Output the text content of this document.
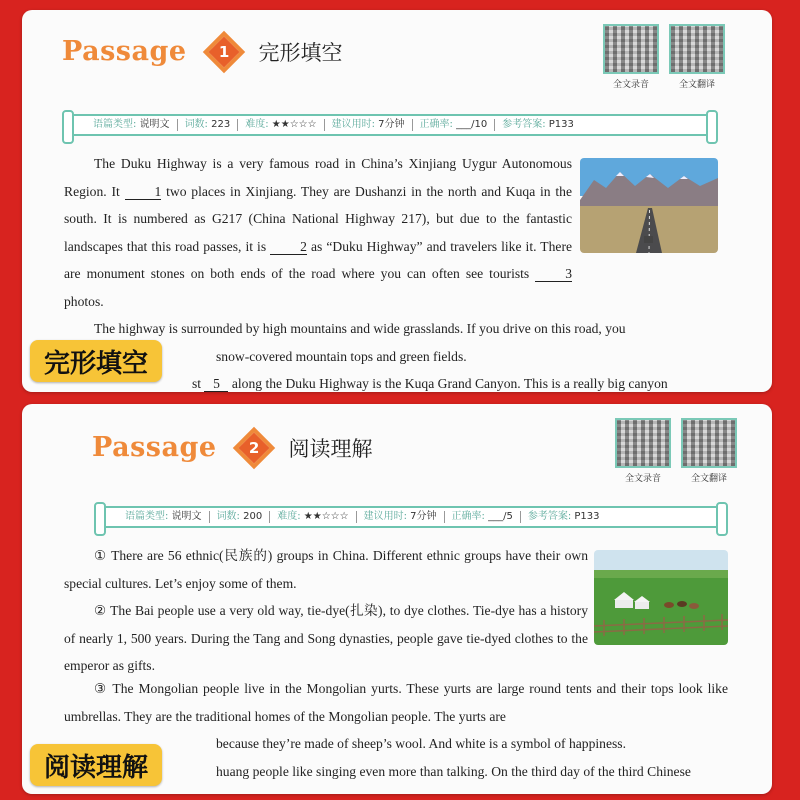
Passage 1 完形填空
全文录音	全文翻译
语篇类型: 说明文	词数: 223	难度: ★★☆☆☆	建议用时: 7分钟	正确率: ___/10	参考答案: P133

The Duku Highway is a very famous road in China’s Xinjiang Uygur Autonomous Region. It 1 two places in Xinjiang. They are Dushanzi in the north and Kuqa in the south. It is numbered as G217 (China National Highway 217), but due to the fantastic landscapes that this road passes, it is 2 as “Duku Highway” and travelers like it. There are monument stones on both ends of the road where you can often see tourists 3 photos.

The highway is surrounded by high mountains and wide grasslands. If you drive on this road, you

snow-covered mountain tops and green fields.
st 5 along the Duku Highway is the Kuqa Grand Canyon. This is a really big canyon
完形填空
Passage 2 阅读理解
全文录音	全文翻译
语篇类型: 说明文	词数: 200	难度: ★★☆☆☆	建议用时: 7分钟	正确率: ___/5	参考答案: P133

① There are 56 ethnic(民族的) groups in China. Different ethnic groups have their own special cultures. Let’s enjoy some of them.

② The Bai people use a very old way, tie-dye(扎染), to dye clothes. Tie-dye has a history of nearly 1, 500 years. During the Tang and Song dynasties, people gave tie-dyed clothes to the emperor as gifts.

③ The Mongolian people live in the Mongolian yurts. These yurts are large round tents and their tops look like umbrellas. They are the traditional homes of the Mongolian people. The yurts are

because they’re made of sheep’s wool. And white is a symbol of happiness.
huang people like singing even more than talking. On the third day of the third Chinese
阅读理解
